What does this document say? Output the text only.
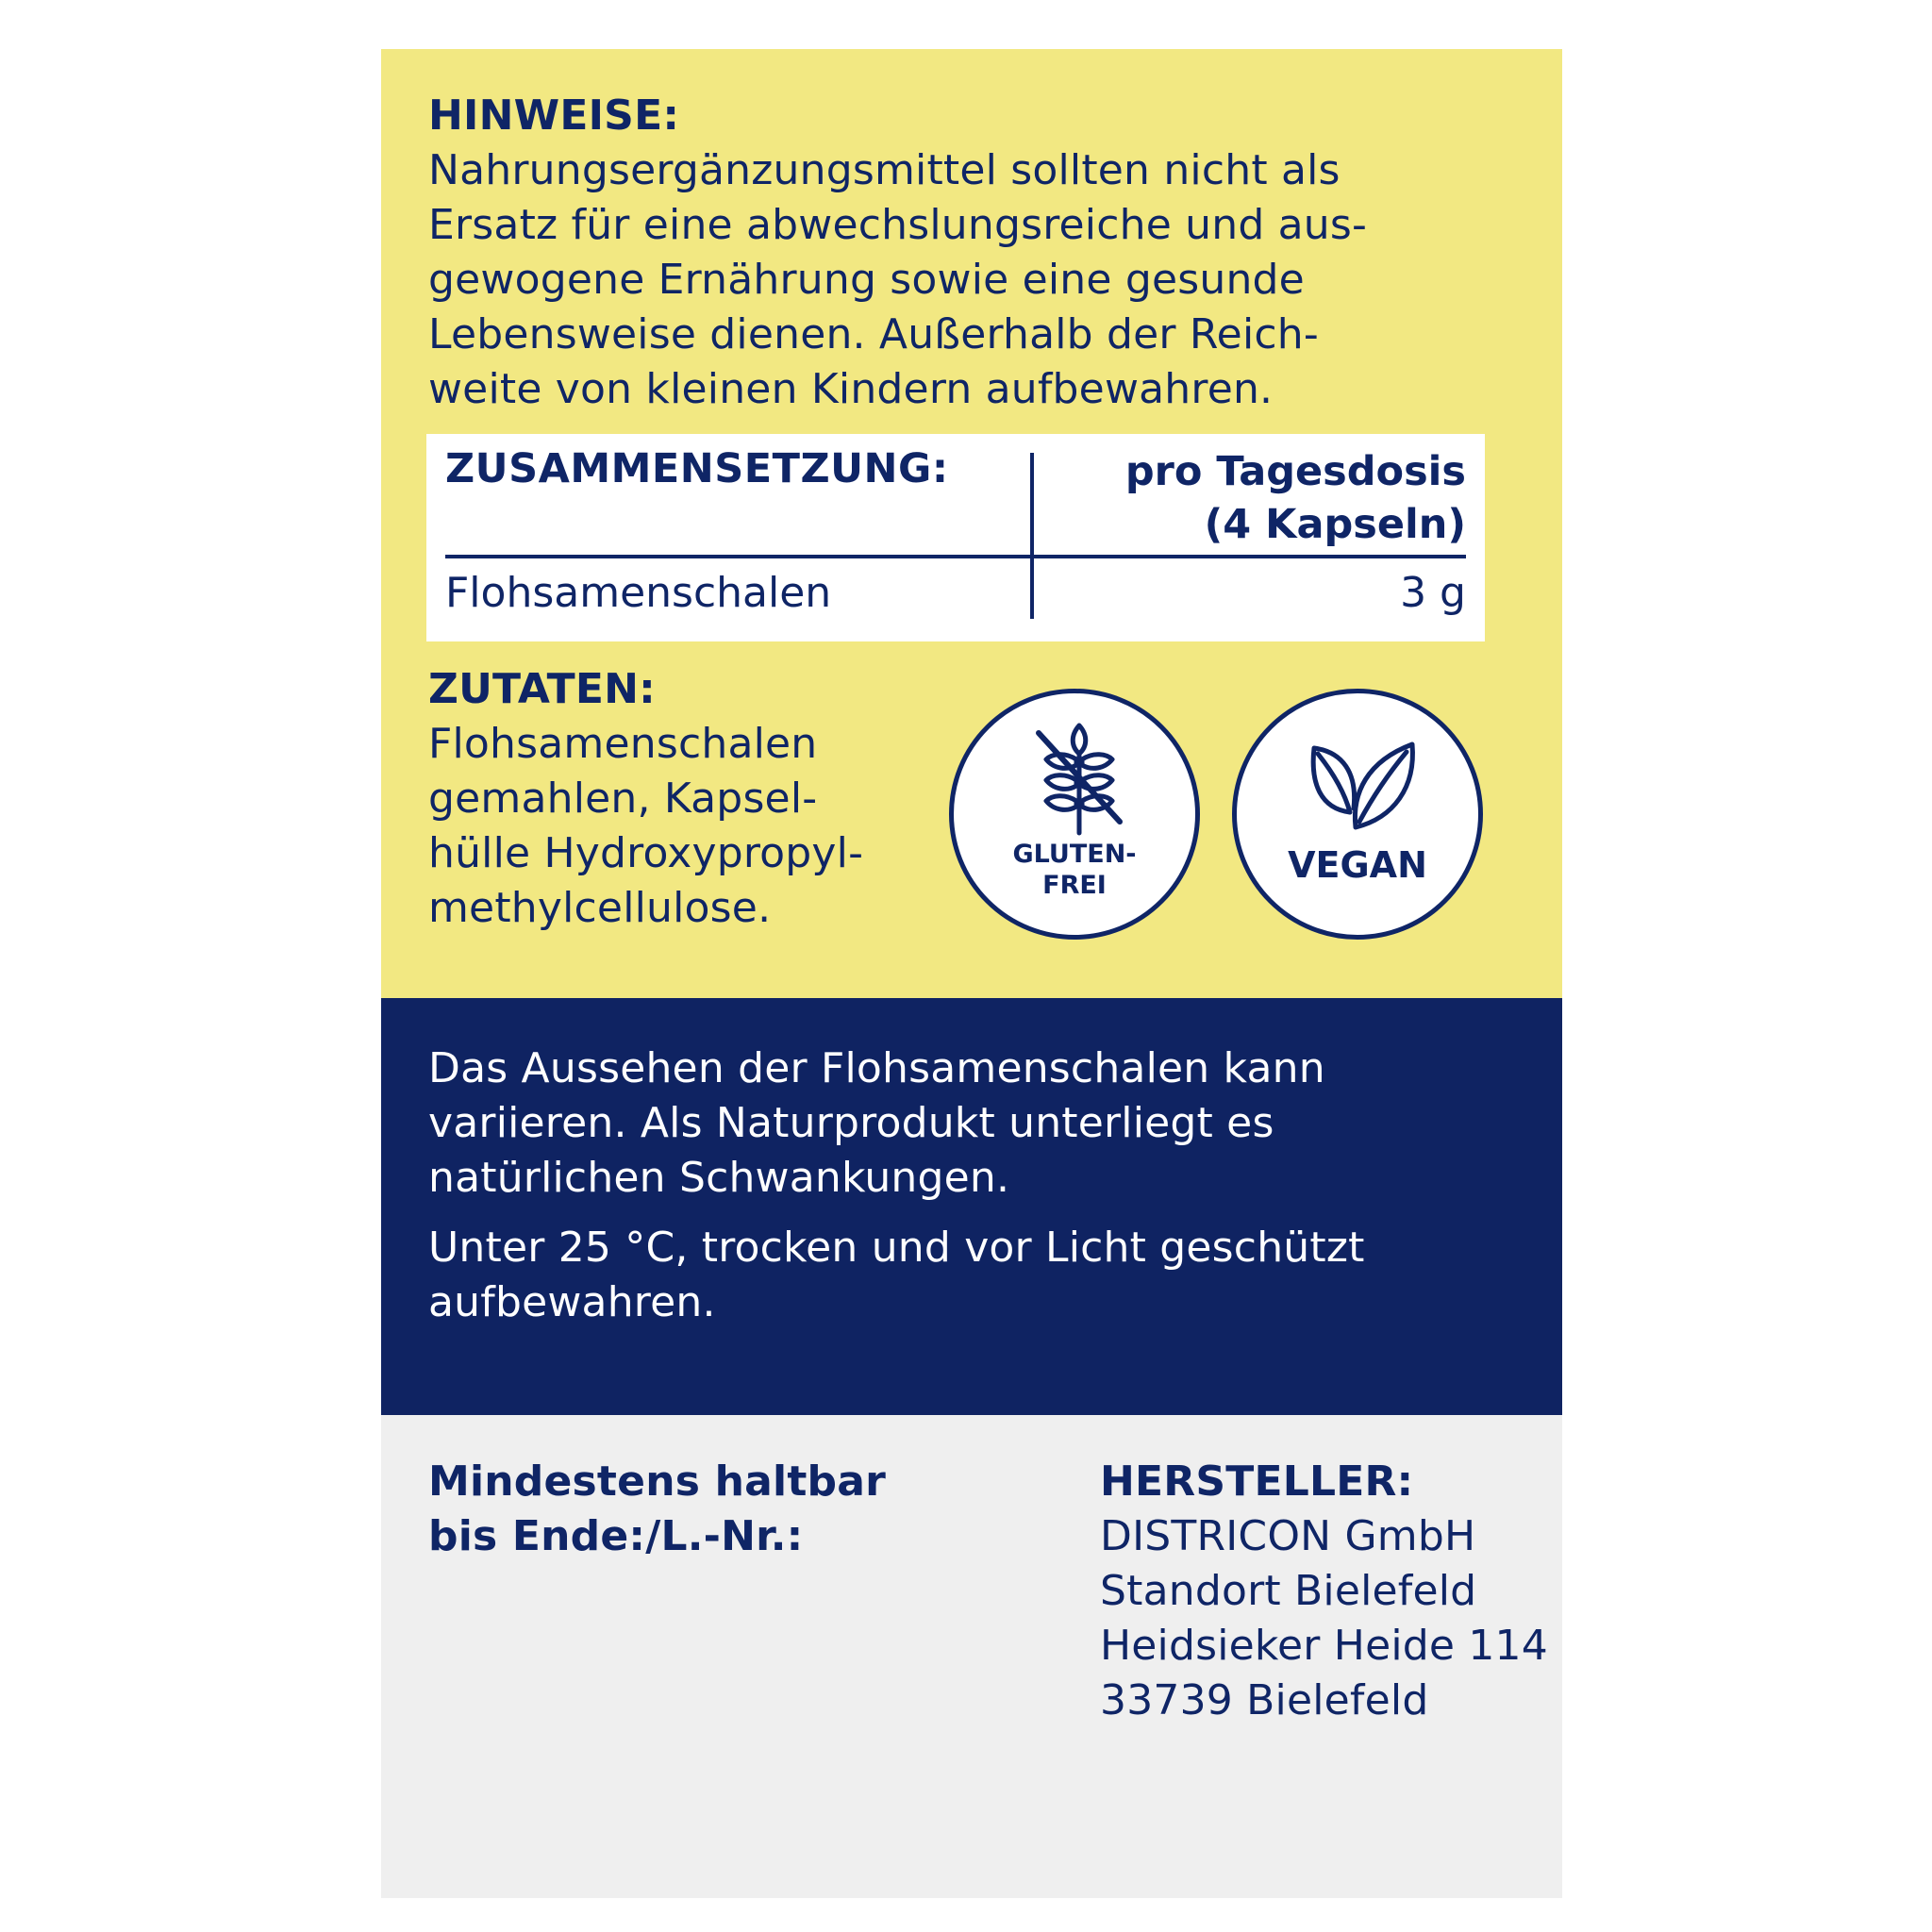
HINWEISE:
Nahrungsergänzungsmittel sollten nicht als
Ersatz für eine abwechslungsreiche und aus-
gewogene Ernährung sowie eine gesunde
Lebensweise dienen. Außerhalb der Reich-
weite von kleinen Kindern aufbewahren.
ZUSAMMENSETZUNG:	pro Tagesdosis
(4 Kapseln)
Flohsamenschalen	3 g
ZUTATEN:
Flohsamenschalen
gemahlen, Kapsel-
hülle Hydroxypropyl-
methylcellulose.
GLUTEN-
FREI	VEGAN
Das Aussehen der Flohsamenschalen kann
variieren. Als Naturprodukt unterliegt es
natürlichen Schwankungen.
Unter 25 °C, trocken und vor Licht geschützt
aufbewahren.
Mindestens haltbar
bis Ende:/L.-Nr.:
HERSTELLER:
DISTRICON GmbH
Standort Bielefeld
Heidsieker Heide 114
33739 Bielefeld
